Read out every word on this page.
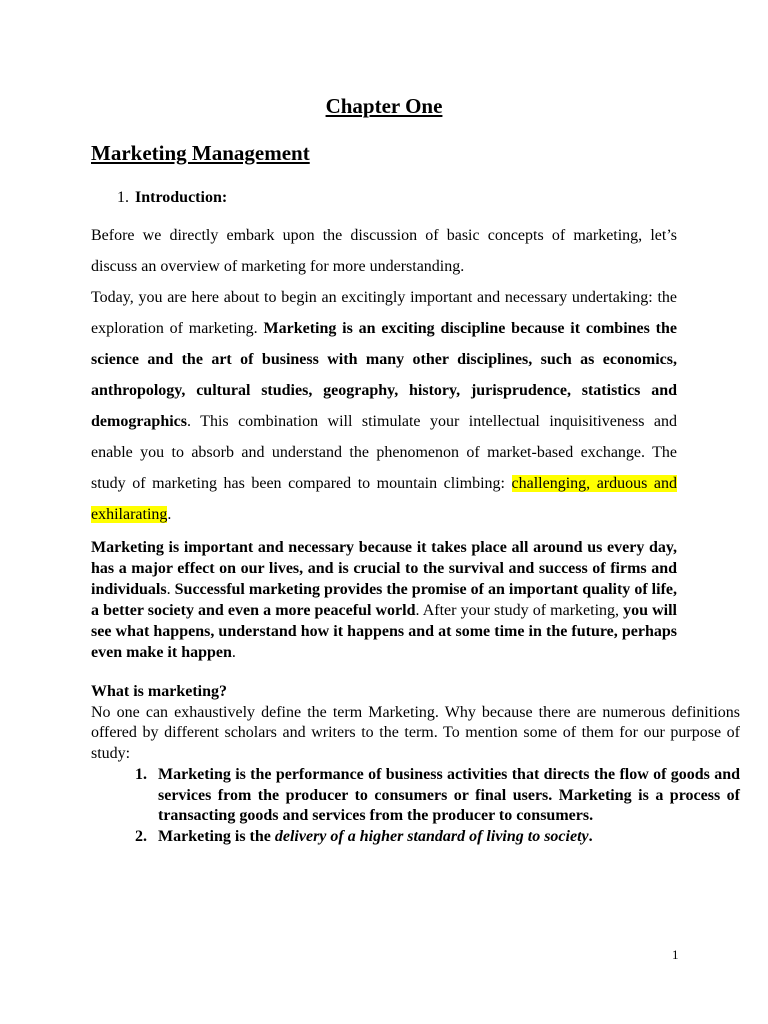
Chapter One
Marketing Management
1. Introduction:

Before we directly embark upon the discussion of basic concepts of marketing, let’s discuss an overview of marketing for more understanding.

Today, you are here about to begin an excitingly important and necessary undertaking: the exploration of marketing. Marketing is an exciting discipline because it combines the science and the art of business with many other disciplines, such as economics, anthropology, cultural studies, geography, history, jurisprudence, statistics and demographics. This combination will stimulate your intellectual inquisitiveness and enable you to absorb and understand the phenomenon of market-based exchange. The study of marketing has been compared to mountain climbing: challenging, arduous and exhilarating.

Marketing is important and necessary because it takes place all around us every day, has a major effect on our lives, and is crucial to the survival and success of firms and individuals. Successful marketing provides the promise of an important quality of life, a better society and even a more peaceful world. After your study of marketing, you will see what happens, understand how it happens and at some time in the future, perhaps even make it happen.

What is marketing?

No one can exhaustively define the term Marketing. Why because there are numerous definitions offered by different scholars and writers to the term. To mention some of them for our purpose of study:

1. Marketing is the performance of business activities that directs the flow of goods and services from the producer to consumers or final users. Marketing is a process of transacting goods and services from the producer to consumers.
2. Marketing is the delivery of a higher standard of living to society.
1
